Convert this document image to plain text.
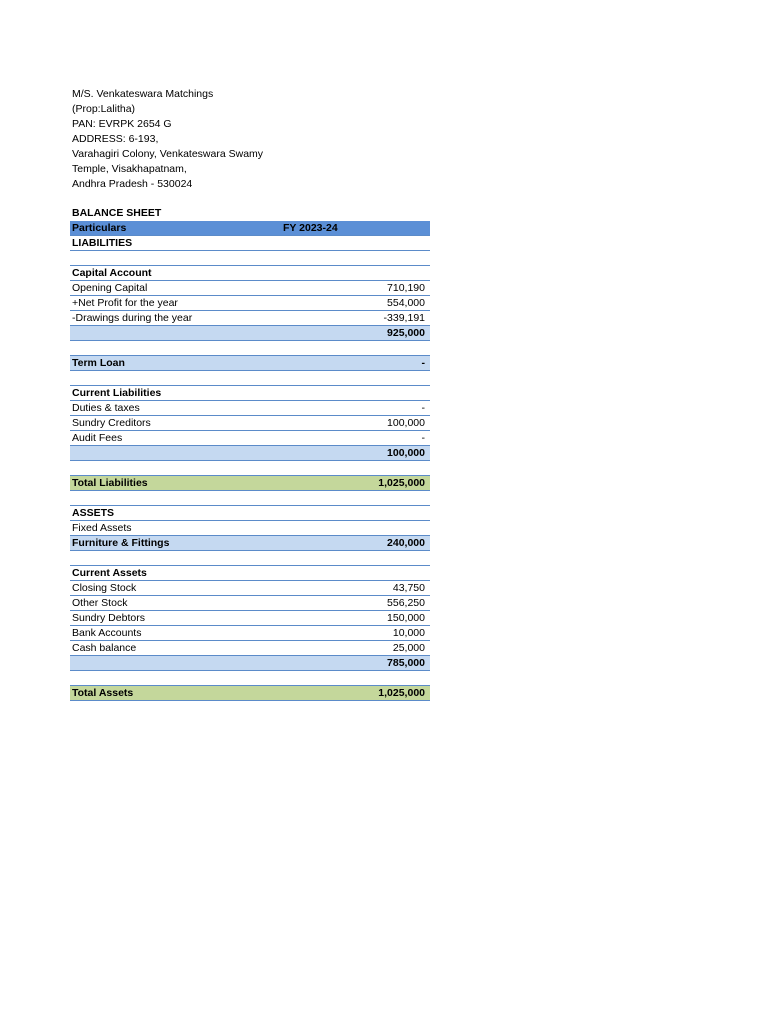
M/S. Venkateswara Matchings
(Prop:Lalitha)
PAN: EVRPK 2654 G
ADDRESS: 6-193,
Varahagiri Colony, Venkateswara Swamy
Temple, Visakhapatnam,
Andhra Pradesh - 530024
BALANCE SHEET
Particulars	FY 2023-24
LIABILITIES	

Capital Account	
Opening Capital	710,190
+Net Profit for the year	554,000
-Drawings during the year	-339,191
	925,000

Term Loan	-

Current Liabilities	
Duties & taxes	-
Sundry Creditors	100,000
Audit Fees	-
	100,000

Total Liabilities	1,025,000

ASSETS	
Fixed Assets	
Furniture & Fittings	240,000

Current Assets	
Closing Stock	43,750
Other Stock	556,250
Sundry Debtors	150,000
Bank Accounts	10,000
Cash balance	25,000
	785,000

Total Assets	1,025,000
